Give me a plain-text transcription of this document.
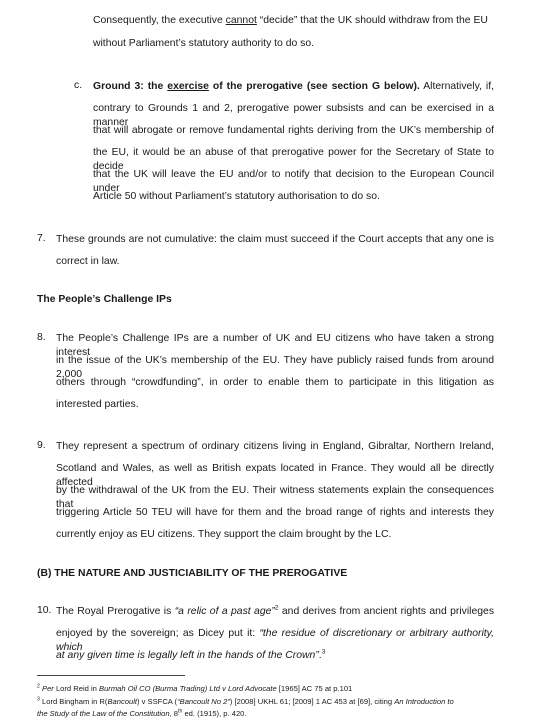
Consequently, the executive cannot “decide” that the UK should withdraw from the EU
without Parliament’s statutory authority to do so.
c. Ground 3: the exercise of the prerogative (see section G below). Alternatively, if,
contrary to Grounds 1 and 2, prerogative power subsists and can be exercised in a manner
that will abrogate or remove fundamental rights deriving from the UK’s membership of
the EU, it would be an abuse of that prerogative power for the Secretary of State to decide
that the UK will leave the EU and/or to notify that decision to the European Council under
Article 50 without Parliament’s statutory authorisation to do so.
7. These grounds are not cumulative: the claim must succeed if the Court accepts that any one is
correct in law.
The People’s Challenge IPs
8. The People’s Challenge IPs are a number of UK and EU citizens who have taken a strong interest
in the issue of the UK’s membership of the EU. They have publicly raised funds from around 2,000
others through “crowdfunding”, in order to enable them to participate in this litigation as
interested parties.
9. They represent a spectrum of ordinary citizens living in England, Gibraltar, Northern Ireland,
Scotland and Wales, as well as British expats located in France. They would all be directly affected
by the withdrawal of the UK from the EU. Their witness statements explain the consequences that
triggering Article 50 TEU will have for them and the broad range of rights and interests they
currently enjoy as EU citizens. They support the claim brought by the LC.
(B) THE NATURE AND JUSTICIABILITY OF THE PREROGATIVE
10. The Royal Prerogative is “a relic of a past age”$^2$ and derives from ancient rights and privileges
enjoyed by the sovereign; as Dicey put it: “the residue of discretionary or arbitrary authority, which
at any given time is legally left in the hands of the Crown”.$^3$
$^2$ Per Lord Reid in Burmah Oil CO (Burma Trading) Ltd v Lord Advocate [1965] AC 75 at p.101
$^3$ Lord Bingham in R(Bancoult) v SSFCA (“Bancoult No 2”) [2008] UKHL 61; [2009] 1 AC 453 at [69], citing An Introduction to
the Study of the Law of the Constitution, 8th ed. (1915), p. 420.
